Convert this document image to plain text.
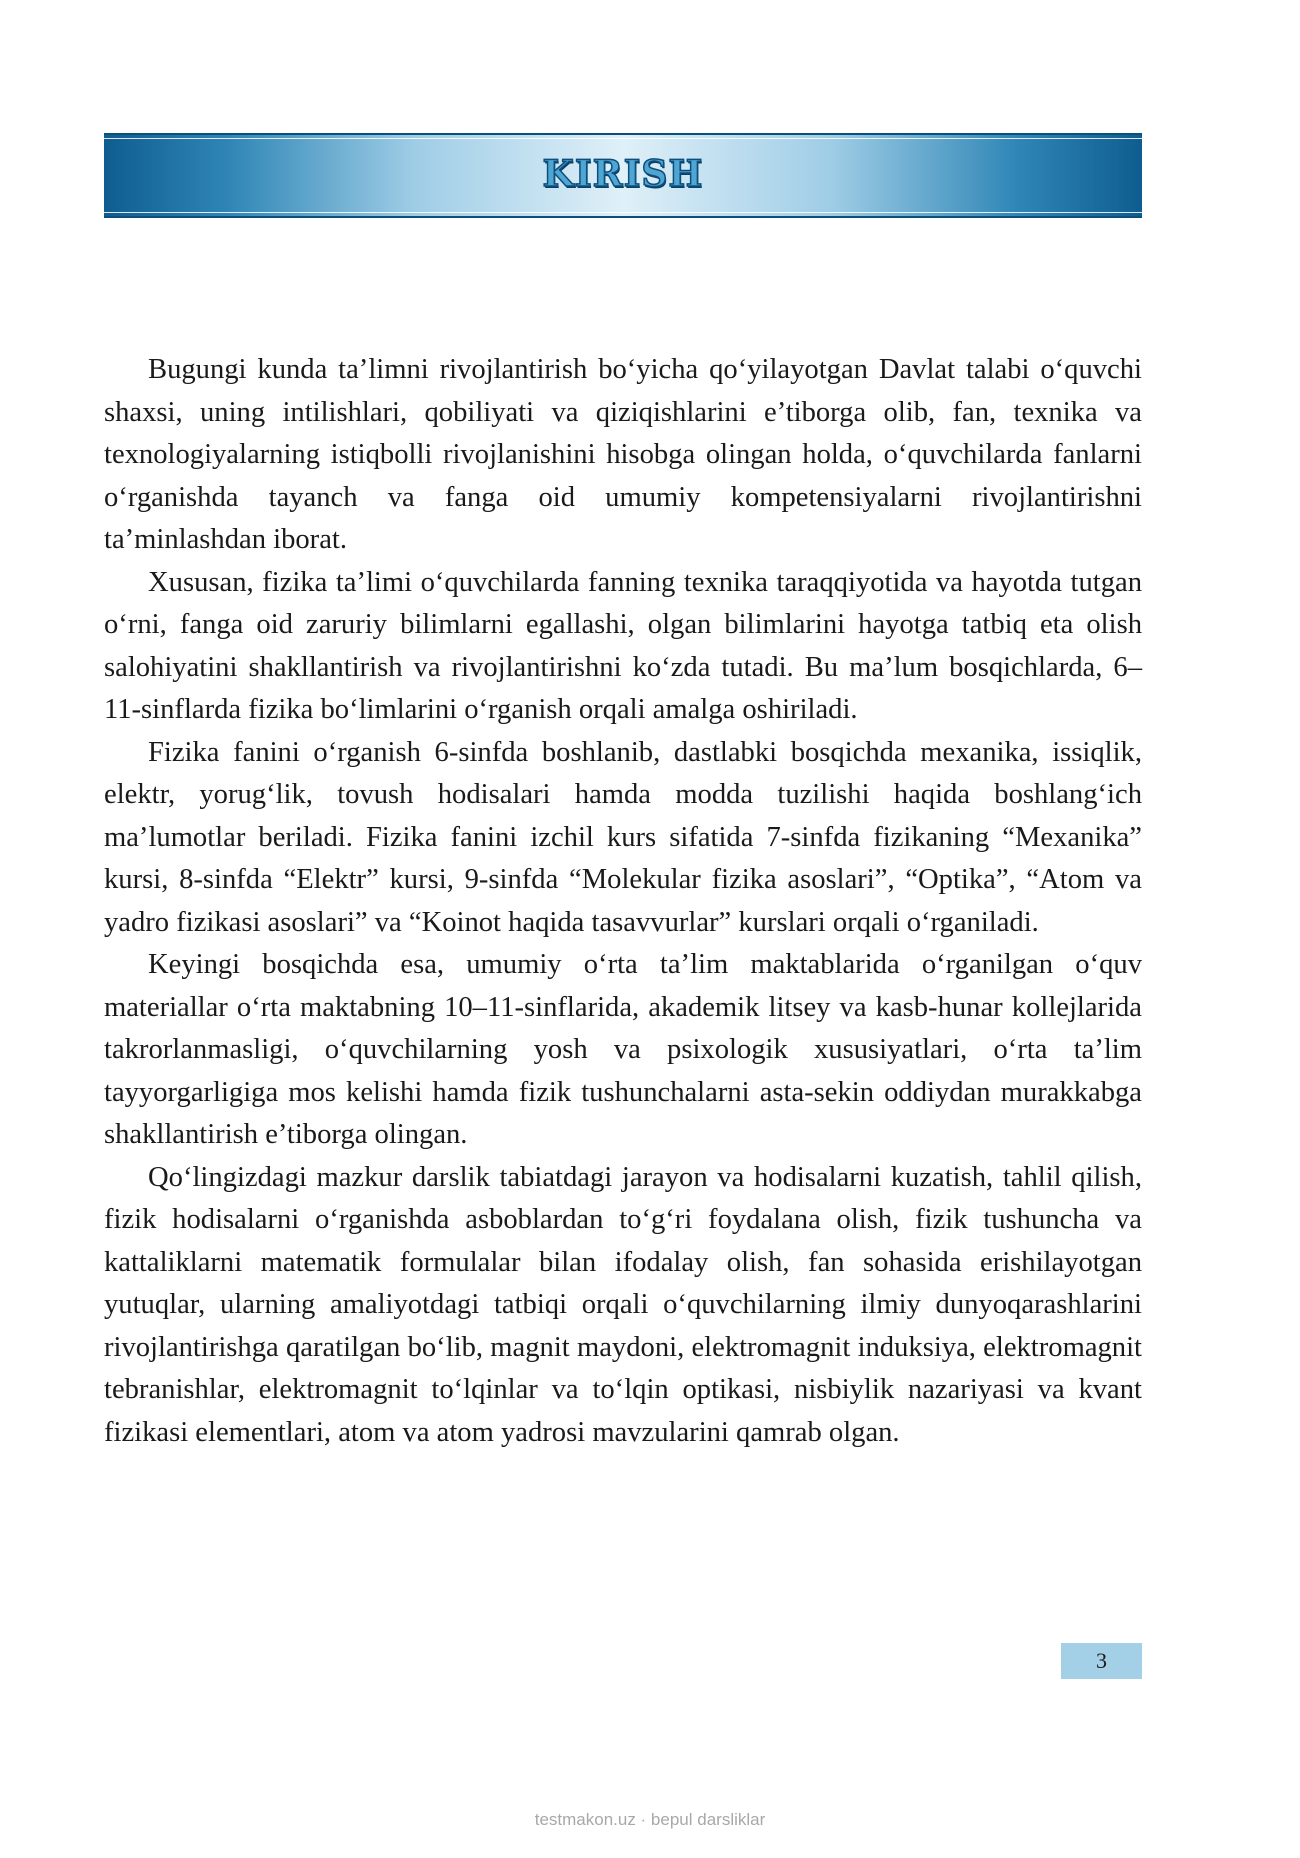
KIRISH

Bugungi kunda ta’limni rivojlantirish bo‘yicha qo‘yilayotgan Davlat talabi o‘quvchi shaxsi, uning intilishlari, qobiliyati va qiziqishlarini e’tiborga olib, fan, texnika va texnologiyalarning istiqbolli rivojlanishini hisobga olingan holda, o‘quvchilarda fanlarni o‘rganishda tayanch va fanga oid umumiy kompetensiyalarni rivojlantirishni ta’minlashdan iborat.

Xususan, fizika ta’limi o‘quvchilarda fanning texnika taraqqiyotida va hayotda tutgan o‘rni, fanga oid zaruriy bilimlarni egallashi, olgan bilimlarini hayotga tatbiq eta olish salohiyatini shakllantirish va rivojlantirishni ko‘zda tutadi. Bu ma’lum bosqichlarda, 6–11-sinflarda fizika bo‘limlarini o‘rganish orqali amalga oshiriladi.

Fizika fanini o‘rganish 6-sinfda boshlanib, dastlabki bosqichda mexanika, issiqlik, elektr, yorug‘lik, tovush hodisalari hamda modda tuzilishi haqida boshlang‘ich ma’lumotlar beriladi. Fizika fanini izchil kurs sifatida 7-sinfda fizikaning “Mexanika” kursi, 8-sinfda “Elektr” kursi, 9-sinfda “Molekular fizika asoslari”, “Optika”, “Atom va yadro fizikasi asoslari” va “Koinot haqida tasavvurlar” kurslari orqali o‘rganiladi.

Keyingi bosqichda esa, umumiy o‘rta ta’lim maktablarida o‘rganilgan o‘quv materiallar o‘rta maktabning 10–11-sinflarida, akademik litsey va kasb-hunar kollejlarida takrorlanmasligi, o‘quvchilarning yosh va psixologik xususiyatlari, o‘rta ta’lim tayyorgarligiga mos kelishi hamda fizik tushunchalarni asta-sekin oddiydan murakkabga shakllantirish e’tiborga olingan.

Qo‘lingizdagi mazkur darslik tabiatdagi jarayon va hodisalarni kuzatish, tahlil qilish, fizik hodisalarni o‘rganishda asboblardan to‘g‘ri foydalana olish, fizik tushuncha va kattaliklarni matematik formulalar bilan ifodalay olish, fan sohasida erishilayotgan yutuqlar, ularning amaliyotdagi tatbiqi orqali o‘quvchilarning ilmiy dunyoqarashlarini rivojlantirishga qaratilgan bo‘lib, magnit maydoni, elektromagnit induksiya, elektromagnit tebranishlar, elektromagnit to‘lqinlar va to‘lqin optikasi, nisbiylik nazariyasi va kvant fizikasi elementlari, atom va atom yadrosi mavzularini qamrab olgan.

3
testmakon.uz · bepul darsliklar
